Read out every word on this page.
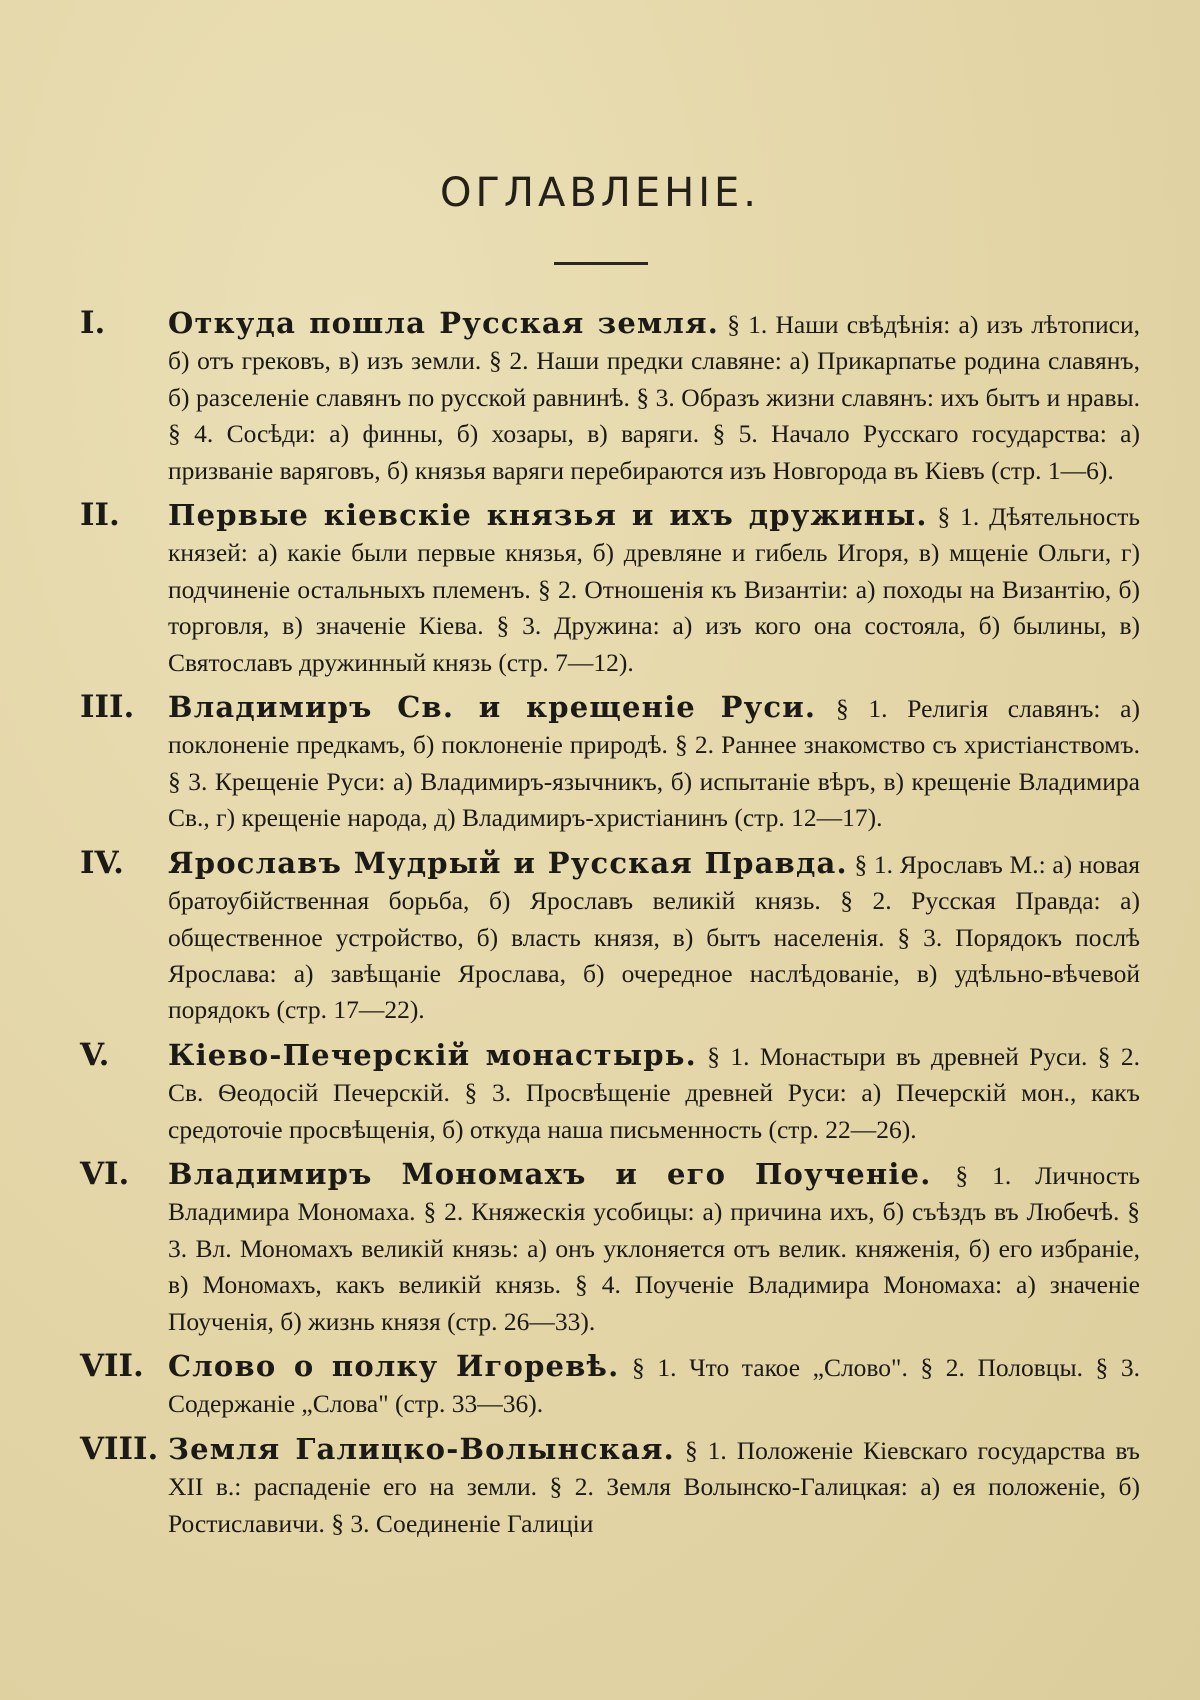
ОГЛАВЛЕНІЕ.
I. Откуда пошла Русская земля. § 1. Наши свѣдѣнія: а) изъ лѣтописи, б) отъ грековъ, в) изъ земли. § 2. Наши предки славяне: а) Прикарпатье родина славянъ, б) разселеніе славянъ по русской равнинѣ. § 3. Образъ жизни славянъ: ихъ бытъ и нравы. § 4. Сосѣди: а) финны, б) хозары, в) варяги. § 5. Начало Русскаго государства: а) призваніе варяговъ, б) князья варяги перебираются изъ Новгорода въ Кіевъ (стр. 1—6).
II. Первые кіевскіе князья и ихъ дружины. § 1. Дѣятельность князей: а) какіе были первые князья, б) древляне и гибель Игоря, в) мщеніе Ольги, г) подчиненіе остальныхъ племенъ. § 2. Отношенія къ Византіи: а) походы на Византію, б) торговля, в) значеніе Кіева. § 3. Дружина: а) изъ кого она состояла, б) былины, в) Святославъ дружинный князь (стр. 7—12).
III. Владимиръ Св. и крещеніе Руси. § 1. Религія славянъ: а) поклоненіе предкамъ, б) поклоненіе природѣ. § 2. Раннее знакомство съ христіанствомъ. § 3. Крещеніе Руси: а) Владимиръ-язычникъ, б) испытаніе вѣръ, в) крещеніе Владимира Св., г) крещеніе народа, д) Владимиръ-христіанинъ (стр. 12—17).
IV. Ярославъ Мудрый и Русская Правда. § 1. Ярославъ М.: а) новая братоубійственная борьба, б) Ярославъ великій князь. § 2. Русская Правда: а) общественное устройство, б) власть князя, в) бытъ населенія. § 3. Порядокъ послѣ Ярослава: а) завѣщаніе Ярослава, б) очередное наслѣдованіе, в) удѣльно-вѣчевой порядокъ (стр. 17—22).
V. Кіево-Печерскій монастырь. § 1. Монастыри въ древней Руси. § 2. Св. Ѳеодосій Печерскій. § 3. Просвѣщеніе древней Руси: а) Печерскій мон., какъ средоточіе просвѣщенія, б) откуда наша письменность (стр. 22—26).
VI. Владимиръ Мономахъ и его Поученіе. § 1. Личность Владимира Мономаха. § 2. Княжескія усобицы: а) причина ихъ, б) съѣздъ въ Любечѣ. § 3. Вл. Мономахъ великій князь: а) онъ уклоняется отъ велик. княженія, б) его избраніе, в) Мономахъ, какъ великій князь. § 4. Поученіе Владимира Мономаха: а) значеніе Поученія, б) жизнь князя (стр. 26—33).
VII. Слово о полку Игоревѣ. § 1. Что такое „Слово". § 2. Половцы. § 3. Содержаніе „Слова" (стр. 33—36).
VIII. Земля Галицко-Волынская. § 1. Положеніе Кіевскаго государства въ XII в.: распаденіе его на земли. § 2. Земля Волынско-Галицкая: а) ея положеніе, б) Ростиславичи. § 3. Соединеніе Галиціи
